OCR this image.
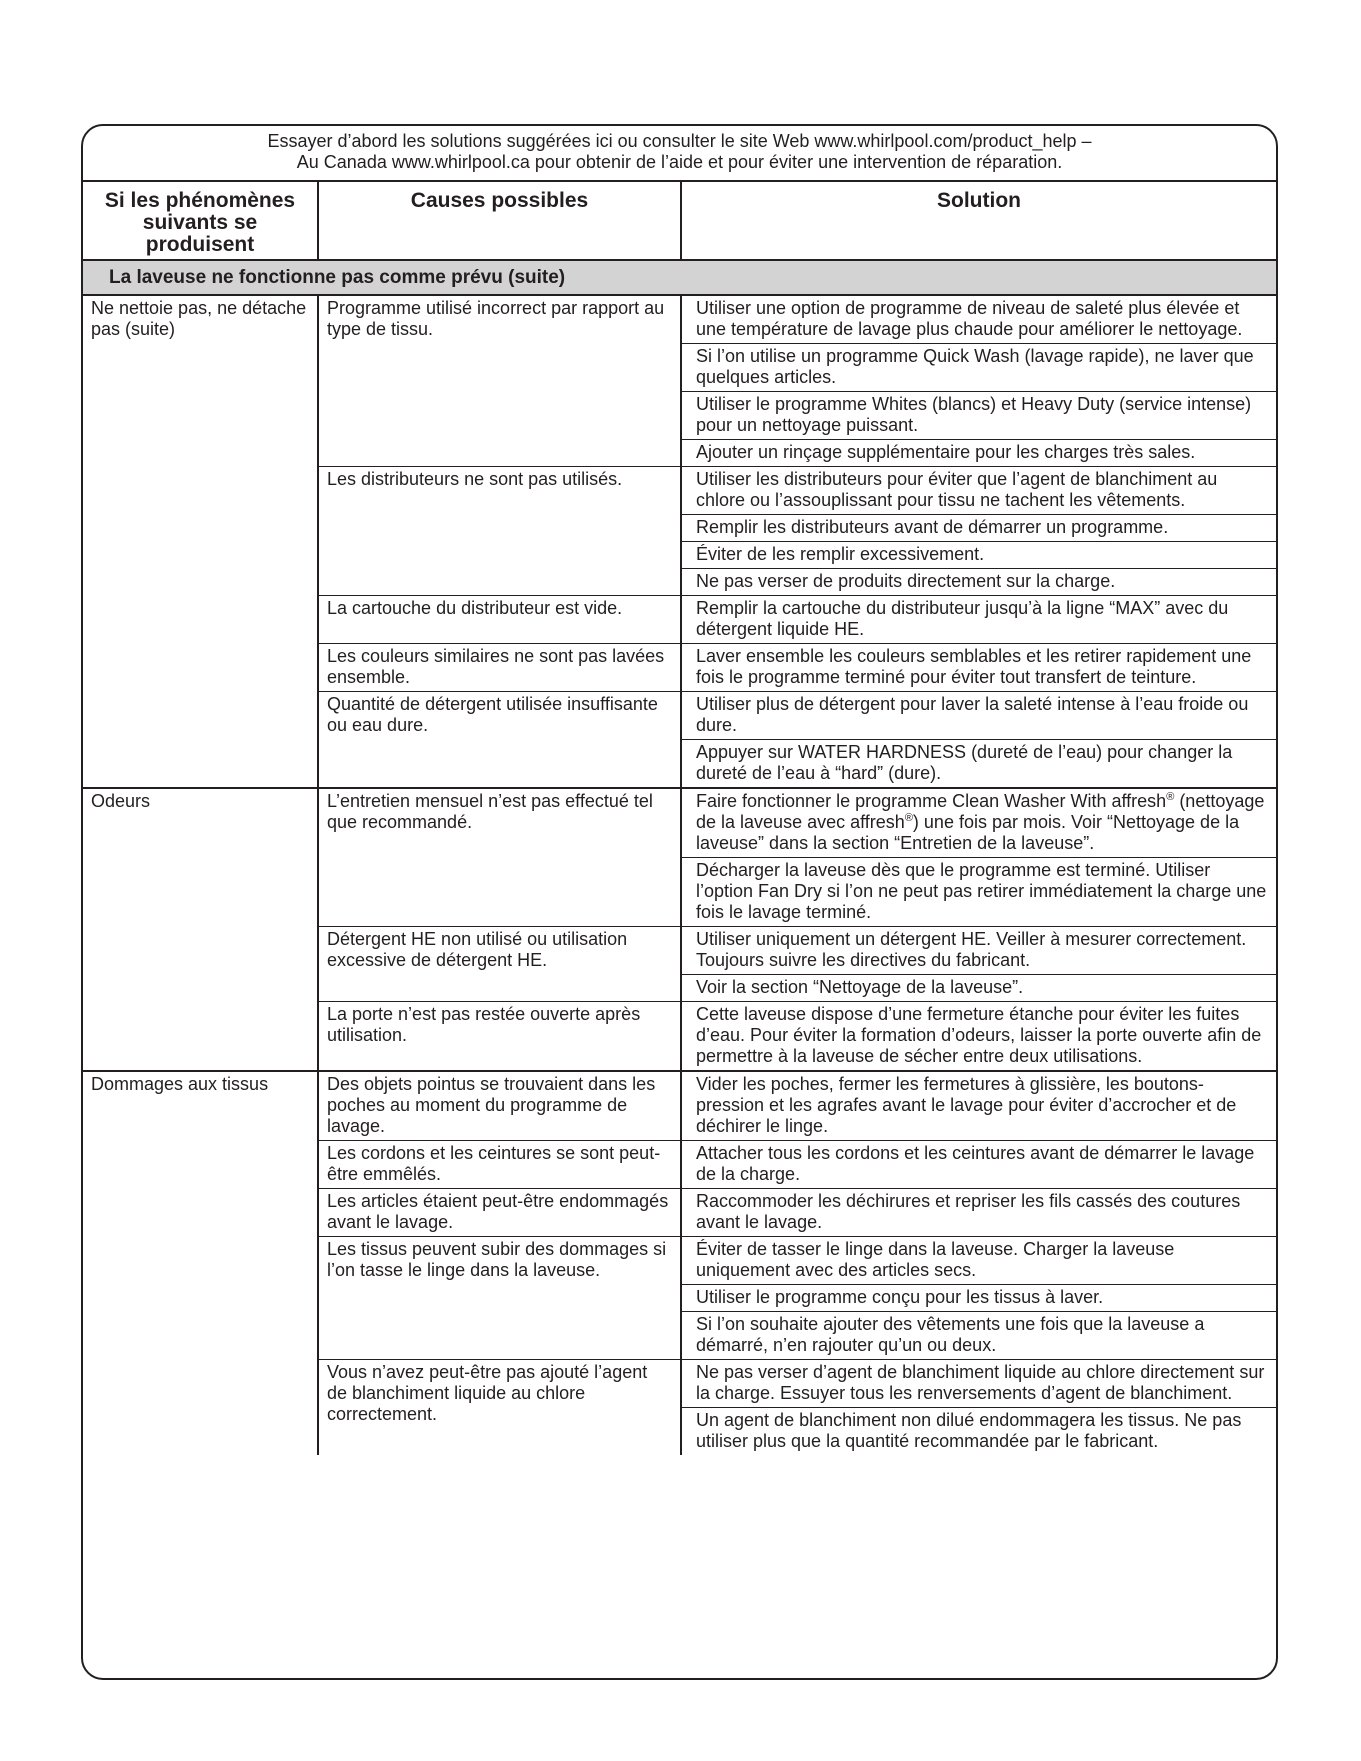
Essayer d’abord les solutions suggérées ici ou consulter le site Web www.whirlpool.com/product_help –
Au Canada www.whirlpool.ca pour obtenir de l’aide et pour éviter une intervention de réparation.
Si les phénomènes suivants se produisent	Causes possibles	Solution
La laveuse ne fonctionne pas comme prévu (suite)		
Ne nettoie pas, ne détache pas (suite)	Programme utilisé incorrect par rapport au type de tissu.	Utiliser une option de programme de niveau de saleté plus élevée et une température de lavage plus chaude pour améliorer le nettoyage.
		Si l’on utilise un programme Quick Wash (lavage rapide), ne laver que quelques articles.
		Utiliser le programme Whites (blancs) et Heavy Duty (service intense) pour un nettoyage puissant.
		Ajouter un rinçage supplémentaire pour les charges très sales.
	Les distributeurs ne sont pas utilisés.	Utiliser les distributeurs pour éviter que l’agent de blanchiment au chlore ou l’assouplissant pour tissu ne tachent les vêtements.
		Remplir les distributeurs avant de démarrer un programme.
		Éviter de les remplir excessivement.
		Ne pas verser de produits directement sur la charge.
	La cartouche du distributeur est vide.	Remplir la cartouche du distributeur jusqu’à la ligne “MAX” avec du détergent liquide HE.
	Les couleurs similaires ne sont pas lavées ensemble.	Laver ensemble les couleurs semblables et les retirer rapidement une fois le programme terminé pour éviter tout transfert de teinture.
	Quantité de détergent utilisée insuffisante ou eau dure.	Utiliser plus de détergent pour laver la saleté intense à l’eau froide ou dure.
		Appuyer sur WATER HARDNESS (dureté de l’eau) pour changer la dureté de l’eau à “hard” (dure).
Odeurs	L’entretien mensuel n’est pas effectué tel que recommandé.	Faire fonctionner le programme Clean Washer With affresh® (nettoyage de la laveuse avec affresh®) une fois par mois. Voir “Nettoyage de la laveuse” dans la section “Entretien de la laveuse”.
		Décharger la laveuse dès que le programme est terminé. Utiliser l’option Fan Dry si l’on ne peut pas retirer immédiatement la charge une fois le lavage terminé.
	Détergent HE non utilisé ou utilisation excessive de détergent HE.	Utiliser uniquement un détergent HE. Veiller à mesurer correctement. Toujours suivre les directives du fabricant.
		Voir la section “Nettoyage de la laveuse”.
	La porte n’est pas restée ouverte après utilisation.	Cette laveuse dispose d’une fermeture étanche pour éviter les fuites d’eau. Pour éviter la formation d’odeurs, laisser la porte ouverte afin de permettre à la laveuse de sécher entre deux utilisations.
Dommages aux tissus	Des objets pointus se trouvaient dans les poches au moment du programme de lavage.	Vider les poches, fermer les fermetures à glissière, les boutons-pression et les agrafes avant le lavage pour éviter d’accrocher et de déchirer le linge.
	Les cordons et les ceintures se sont peut-être emmêlés.	Attacher tous les cordons et les ceintures avant de démarrer le lavage de la charge.
	Les articles étaient peut-être endommagés avant le lavage.	Raccommoder les déchirures et repriser les fils cassés des coutures avant le lavage.
	Les tissus peuvent subir des dommages si l’on tasse le linge dans la laveuse.	Éviter de tasser le linge dans la laveuse. Charger la laveuse uniquement avec des articles secs.
		Utiliser le programme conçu pour les tissus à laver.
		Si l’on souhaite ajouter des vêtements une fois que la laveuse a démarré, n’en rajouter qu’un ou deux.
	Vous n’avez peut-être pas ajouté l’agent de blanchiment liquide au chlore correctement.	Ne pas verser d’agent de blanchiment liquide au chlore directement sur la charge. Essuyer tous les renversements d’agent de blanchiment.
		Un agent de blanchiment non dilué endommagera les tissus. Ne pas utiliser plus que la quantité recommandée par le fabricant.
